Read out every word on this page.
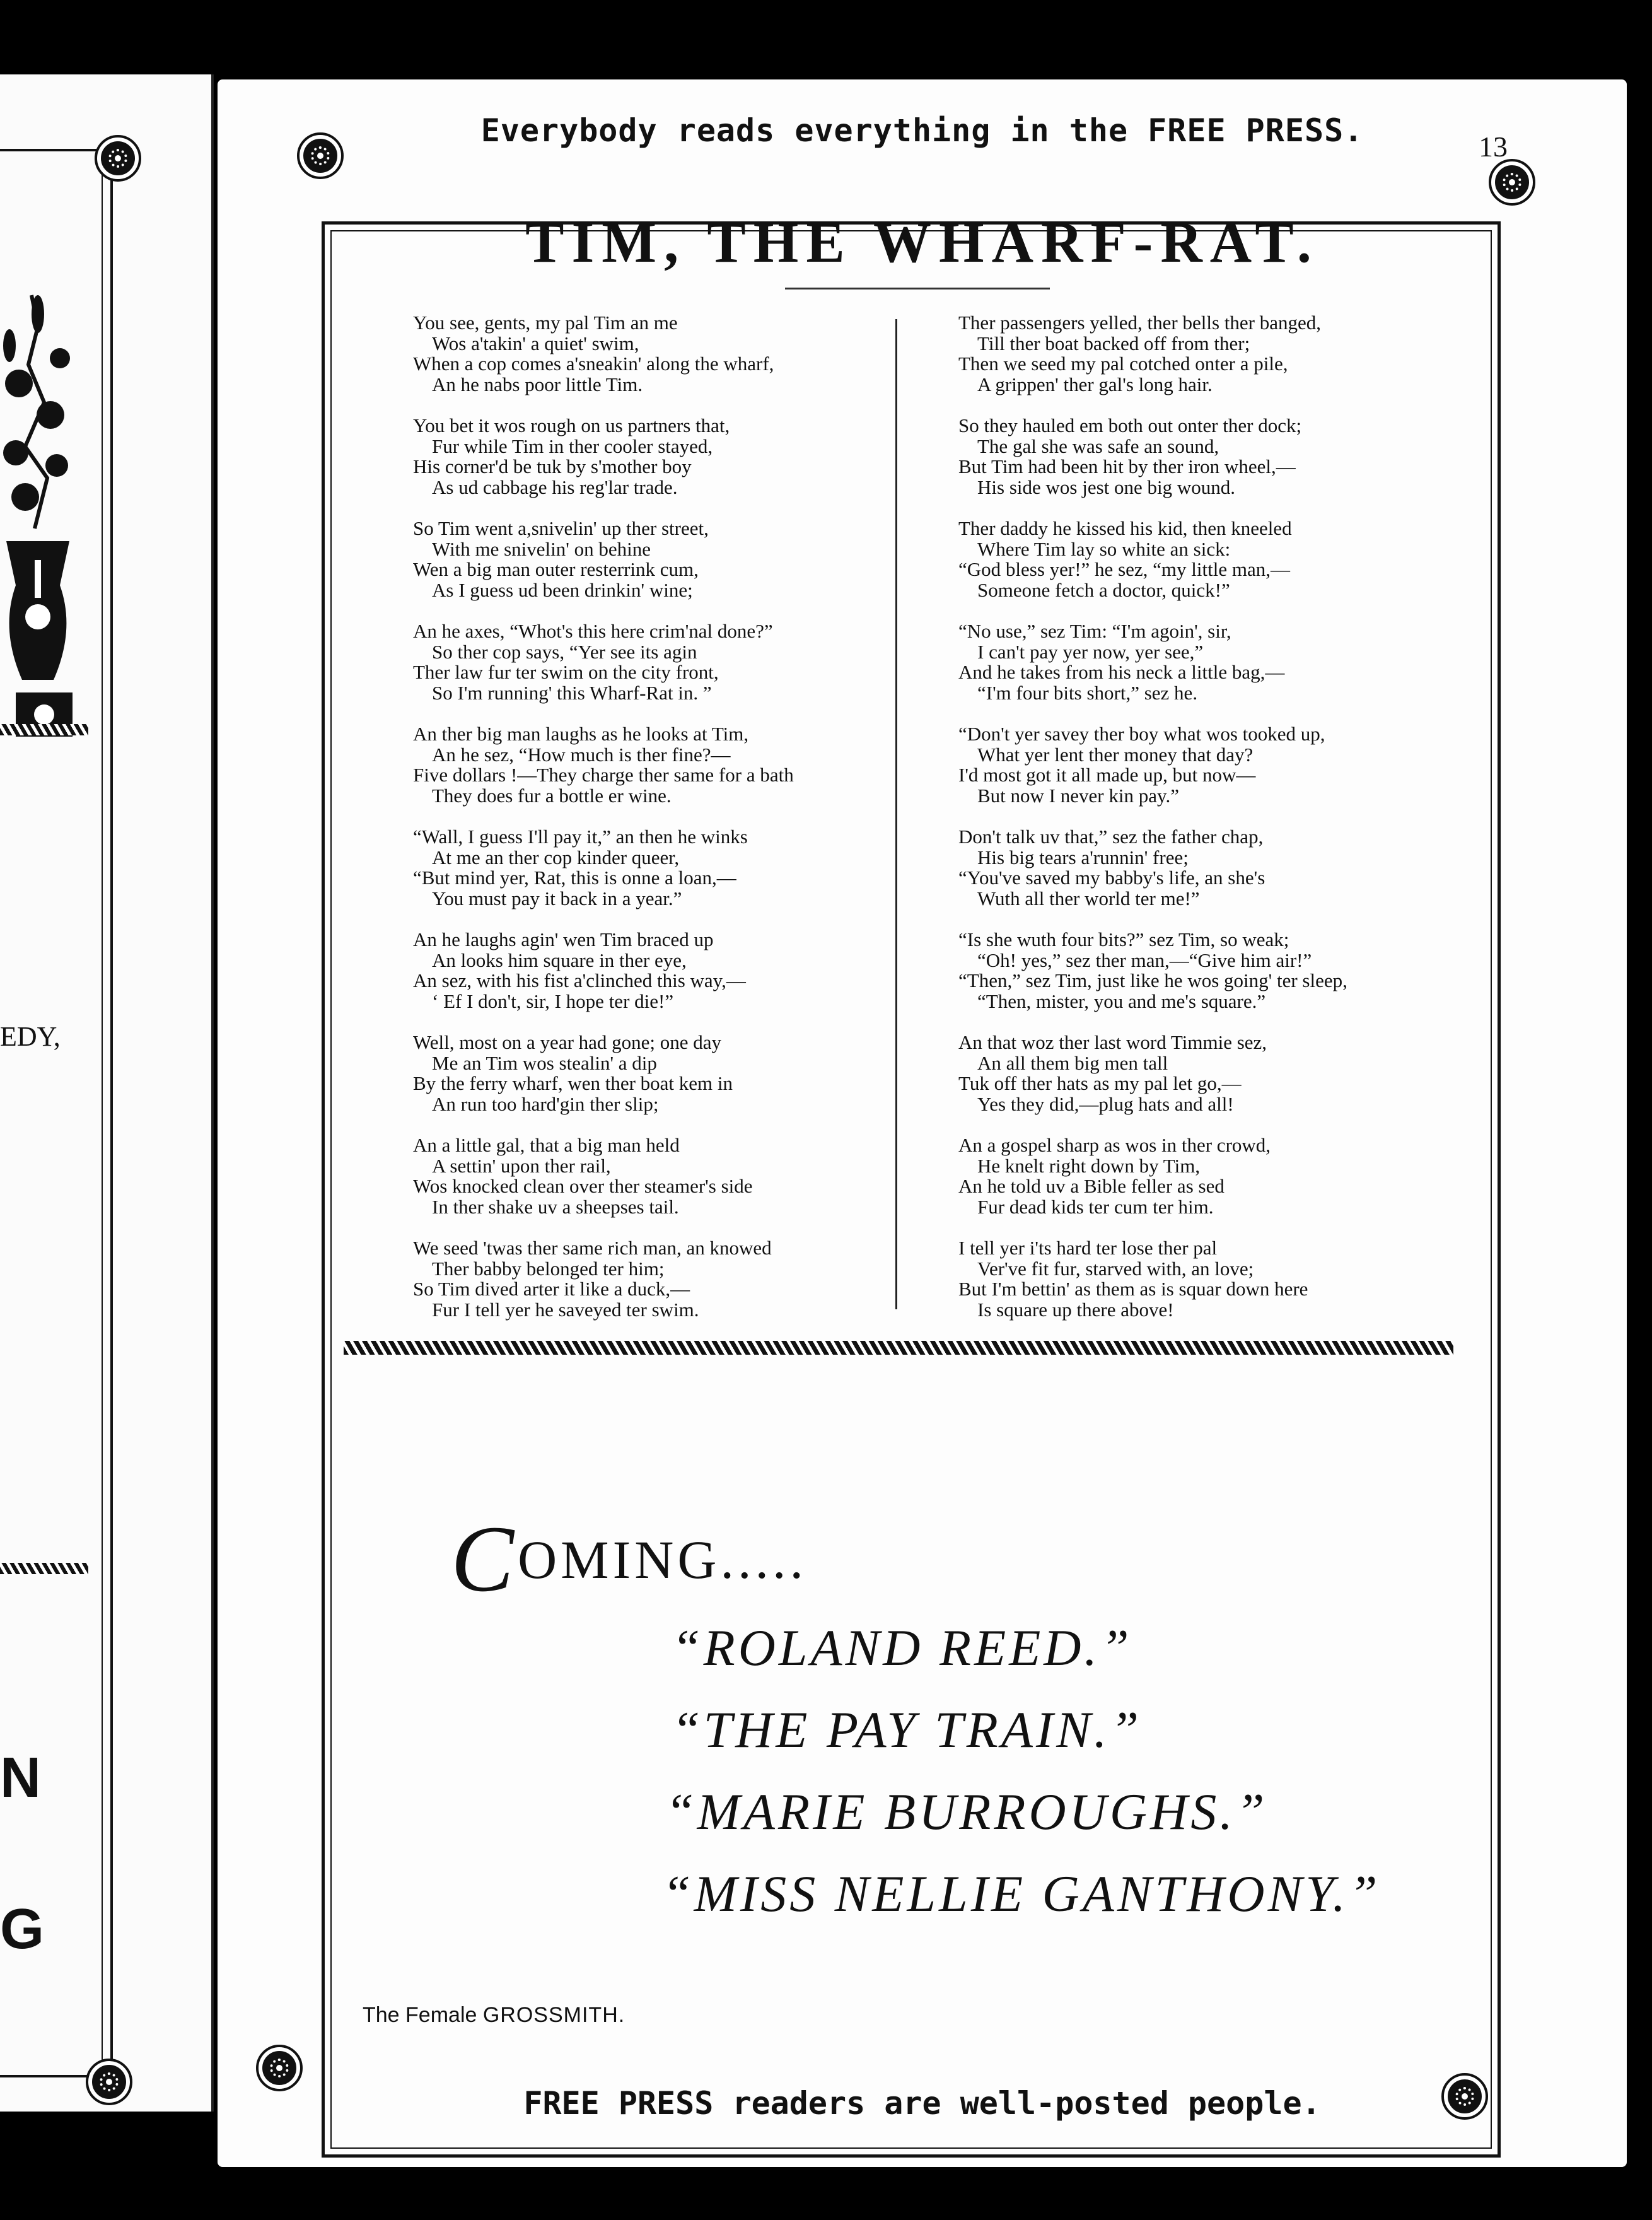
EDY,
N
G
Everybody reads everything in the FREE PRESS.	13
TIM, THE WHARF-RAT.
You see, gents, my pal Tim an me
Wos a'takin' a quiet' swim,
When a cop comes a'sneakin' along the wharf,
An he nabs poor little Tim.
You bet it wos rough on us partners that,
Fur while Tim in ther cooler stayed,
His corner'd be tuk by s'mother boy
As ud cabbage his reg'lar trade.
So Tim went a,snivelin' up ther street,
With me snivelin' on behine
Wen a big man outer resterrink cum,
As I guess ud been drinkin' wine;
An he axes, “Whot's this here crim'nal done?”
So ther cop says, “Yer see its agin
Ther law fur ter swim on the city front,
So I'm running' this Wharf-Rat in. ”
An ther big man laughs as he looks at Tim,
An he sez, “How much is ther fine?—
Five dollars !—They charge ther same for a bath
They does fur a bottle er wine.
“Wall, I guess I'll pay it,” an then he winks
At me an ther cop kinder queer,
“But mind yer, Rat, this is onne a loan,—
You must pay it back in a year.”
An he laughs agin' wen Tim braced up
An looks him square in ther eye,
An sez, with his fist a'clinched this way,—
‘ Ef I don't, sir, I hope ter die!”
Well, most on a year had gone; one day
Me an Tim wos stealin' a dip
By the ferry wharf, wen ther boat kem in
An run too hard'gin ther slip;
An a little gal, that a big man held
A settin' upon ther rail,
Wos knocked clean over ther steamer's side
In ther shake uv a sheepses tail.
We seed 'twas ther same rich man, an knowed
Ther babby belonged ter him;
So Tim dived arter it like a duck,—
Fur I tell yer he saveyed ter swim.
Ther passengers yelled, ther bells ther banged,
Till ther boat backed off from ther;
Then we seed my pal cotched onter a pile,
A grippen' ther gal's long hair.
So they hauled em both out onter ther dock;
The gal she was safe an sound,
But Tim had been hit by ther iron wheel,—
His side wos jest one big wound.
Ther daddy he kissed his kid, then kneeled
Where Tim lay so white an sick:
“God bless yer!” he sez, “my little man,—
Someone fetch a doctor, quick!”
“No use,” sez Tim: “I'm agoin', sir,
I can't pay yer now, yer see,”
And he takes from his neck a little bag,—
“I'm four bits short,” sez he.
“Don't yer savey ther boy what wos tooked up,
What yer lent ther money that day?
I'd most got it all made up, but now—
But now I never kin pay.”
Don't talk uv that,” sez the father chap,
His big tears a'runnin' free;
“You've saved my babby's life, an she's
Wuth all ther world ter me!”
“Is she wuth four bits?” sez Tim, so weak;
“Oh! yes,” sez ther man,—“Give him air!”
“Then,” sez Tim, just like he wos going' ter sleep,
“Then, mister, you and me's square.”
An that woz ther last word Timmie sez,
An all them big men tall
Tuk off ther hats as my pal let go,—
Yes they did,—plug hats and all!
An a gospel sharp as wos in ther crowd,
He knelt right down by Tim,
An he told uv a Bible feller as sed
Fur dead kids ter cum ter him.
I tell yer i'ts hard ter lose ther pal
Ver've fit fur, starved with, an love;
But I'm bettin' as them as is squar down here
Is square up there above!
COMING.....
“ROLAND REED.”
“THE PAY TRAIN.”
“MARIE BURROUGHS.”
“MISS NELLIE GANTHONY.”
The Female GROSSMITH.
FREE PRESS readers are well-posted people.
